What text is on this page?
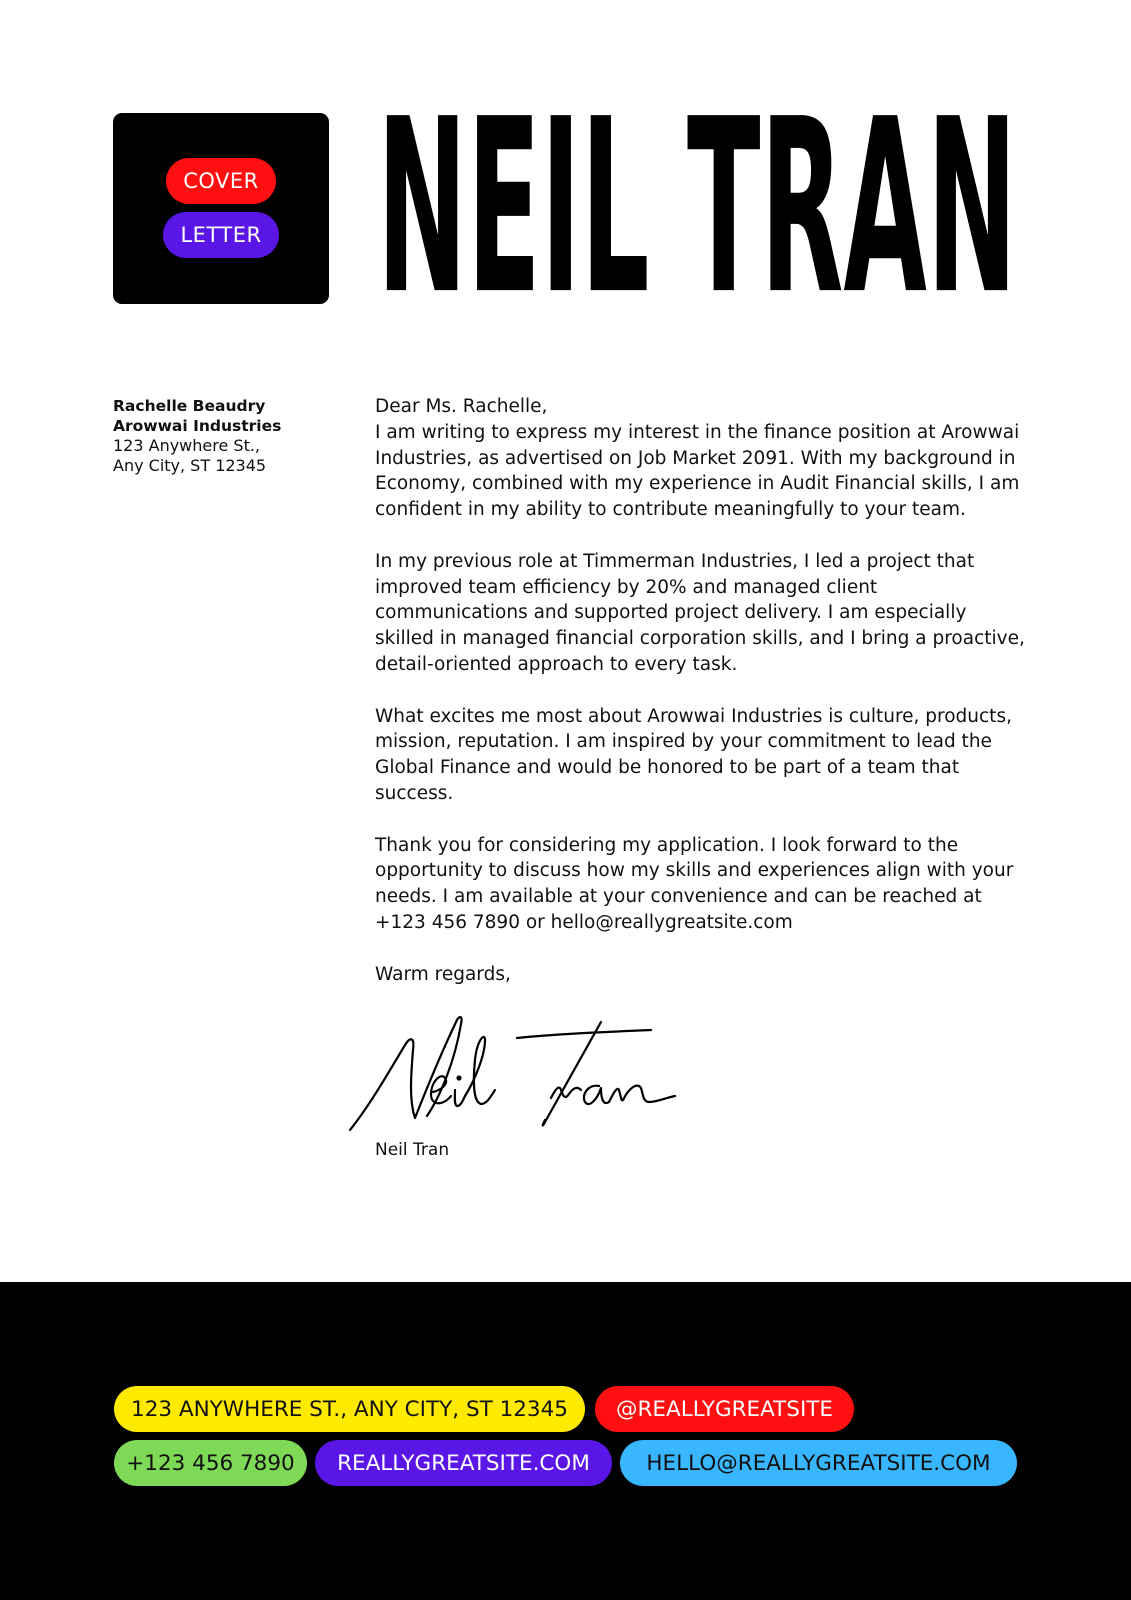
COVER
LETTER NEIL TRAN
Rachelle Beaudry
Arowwai Industries
123 Anywhere St.,
Any City, ST 12345

Dear Ms. Rachelle,

I am writing to express my interest in the finance position at Arowwai Industries, as advertised on Job Market 2091. With my background in Economy, combined with my experience in Audit Financial skills, I am confident in my ability to contribute meaningfully to your team.

In my previous role at Timmerman Industries, I led a project that improved team efficiency by 20% and managed client communications and supported project delivery. I am especially skilled in managed financial corporation skills, and I bring a proactive, detail-oriented approach to every task.

What excites me most about Arowwai Industries is culture, products, mission, reputation. I am inspired by your commitment to lead the Global Finance and would be honored to be part of a team that success.

Thank you for considering my application. I look forward to the opportunity to discuss how my skills and experiences align with your needs. I am available at your convenience and can be reached at +123 456 7890 or hello@reallygreatsite.com

Warm regards,

Neil Tran
123 ANYWHERE ST., ANY CITY, ST 12345	@REALLYGREATSITE
+123 456 7890	REALLYGREATSITE.COM	HELLO@REALLYGREATSITE.COM
